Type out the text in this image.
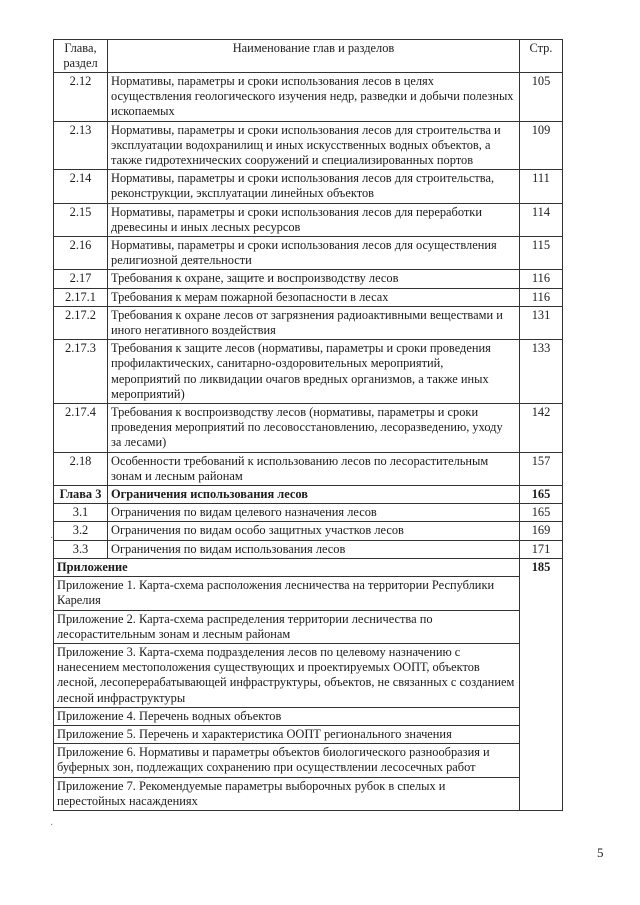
Глава, раздел	Наименование глав и разделов	Стр.
2.12	Нормативы, параметры и сроки использования лесов в целях осуществления геологического изучения недр, разведки и добычи полезных ископаемых	105
2.13	Нормативы, параметры и сроки использования лесов для строительства и эксплуатации водохранилищ и иных искусственных водных объектов, а также гидротехнических сооружений и специализированных портов	109
2.14	Нормативы, параметры и сроки использования лесов для строительства, реконструкции, эксплуатации линейных объектов	111
2.15	Нормативы, параметры и сроки использования лесов для переработки древесины и иных лесных ресурсов	114
2.16	Нормативы, параметры и сроки использования лесов для осуществления религиозной деятельности	115
2.17	Требования к охране, защите и воспроизводству лесов	116
2.17.1	Требования к мерам пожарной безопасности в лесах	116
2.17.2	Требования к охране лесов от загрязнения радиоактивными веществами и иного негативного воздействия	131
2.17.3	Требования к защите лесов (нормативы, параметры и сроки проведения профилактических, санитарно-оздоровительных мероприятий, мероприятий по ликвидации очагов вредных организмов, а также иных мероприятий)	133
2.17.4	Требования к воспроизводству лесов (нормативы, параметры и сроки проведения мероприятий по лесовосстановлению, лесоразведению, уходу за лесами)	142
2.18	Особенности требований к использованию лесов по лесорастительным зонам и лесным районам	157
Глава 3	Ограничения использования лесов	165
3.1	Ограничения по видам целевого назначения лесов	165
3.2	Ограничения по видам особо защитных участков лесов	169
3.3	Ограничения по видам использования лесов	171
Приложение		185
Приложение 1. Карта-схема расположения лесничества на территории Республики Карелия		
Приложение 2. Карта-схема распределения территории лесничества по лесорастительным зонам и лесным районам		
Приложение 3. Карта-схема подразделения лесов по целевому назначению с нанесением местоположения существующих и проектируемых ООПТ, объектов лесной, лесоперерабатывающей инфраструктуры, объектов, не связанных с созданием лесной инфраструктуры		
Приложение 4. Перечень водных объектов		
Приложение 5. Перечень и характеристика ООПТ регионального значения		
Приложение 6. Нормативы и параметры объектов биологического разнообразия и буферных зон, подлежащих сохранению при осуществлении лесосечных работ		
Приложение 7. Рекомендуемые параметры выборочных рубок в спелых и перестойных насаждениях		
5
·
·
